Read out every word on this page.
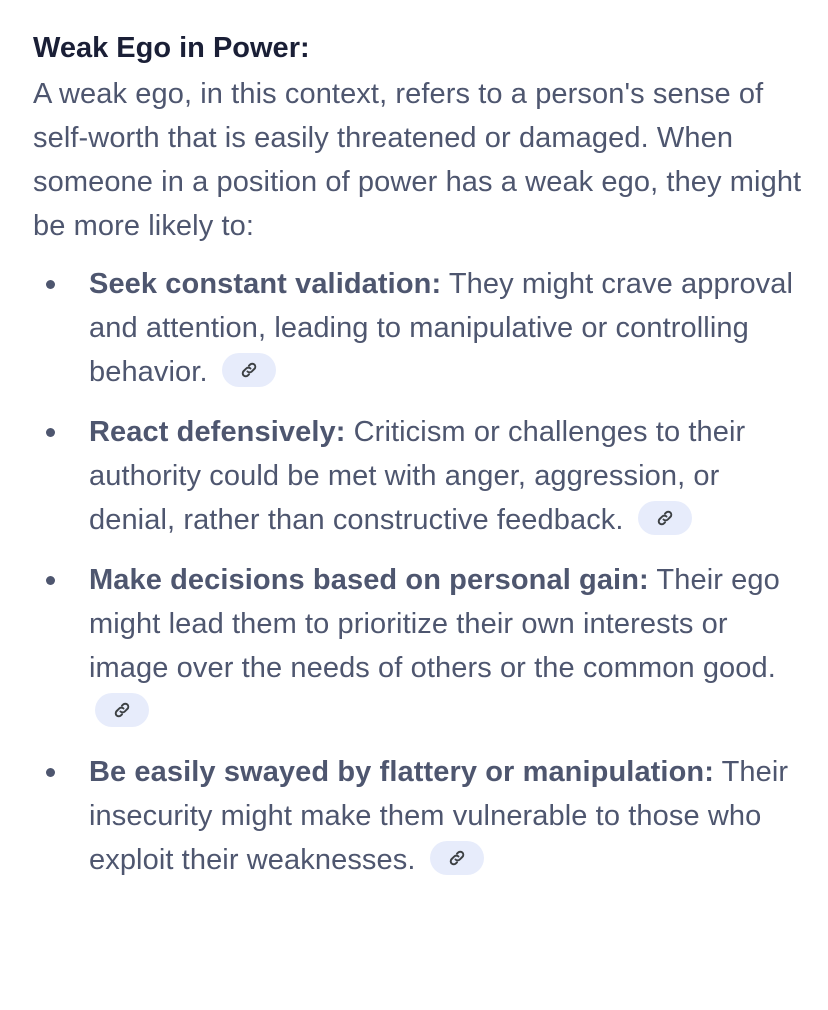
Weak Ego in Power:

A weak ego, in this context, refers to a person's sense of self-worth that is easily threatened or damaged. When someone in a position of power has a weak ego, they might be more likely to:

Seek constant validation: They might crave approval and attention, leading to manipulative or controlling behavior.
React defensively: Criticism or challenges to their authority could be met with anger, aggression, or denial, rather than constructive feedback.
Make decisions based on personal gain: Their ego might lead them to prioritize their own interests or image over the needs of others or the common good.
Be easily swayed by flattery or manipulation: Their insecurity might make them vulnerable to those who exploit their weaknesses.
